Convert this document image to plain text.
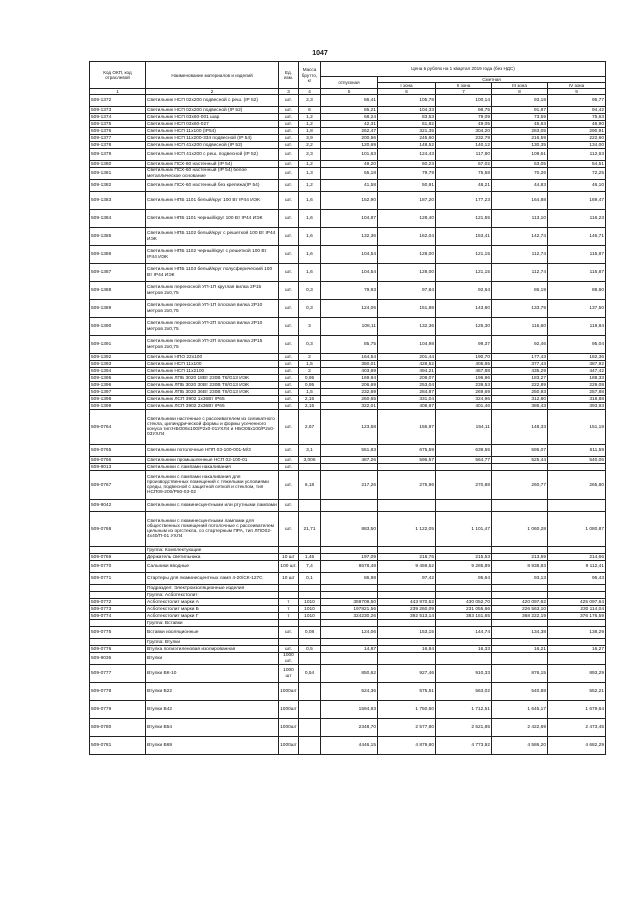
1047
Код ОКП, код отраслевой	Наименование материалов и изделий	Ед. изм.	Масса брутто, кг	Цена в рублях на 1 квартал 2019 года (без НДС)				
				отпускная	Сметная			
					I зона	II зона	III зона	IV зона
1	2	3	4	5	6	7	8	9
509-1372	Светильник НСП 02х200 подвесной с реш. (IP 52)	шт.	2,3	86,41	105,78	100,14	93,18	95,77
509-1373	Светильник НСП 02х200 подвесной (IP 52)	шт.	6	85,21	104,33	98,75	91,87	94,42
509-1374	Светильник НСП 03х60-001 шар	шт.	1,2	68,24	83,53	79,09	73,59	75,63
509-1375	Светильник НСП 03х60-027	шт.	1,2	42,31	51,82	49,05	45,63	46,90
509-1376	Светильник НСП 11х100 (IP54)	шт.	1,8	262,47	321,35	304,20	283,05	290,91
509-1377	Светильник НСП 11х200-334 подвесной (IP 54)	шт.	3,9	200,66	245,60	232,79	216,59	222,60
509-1378	Светильник НСП 41х200 подвесной (IP 52)	шт.	2,2	120,69	148,52	140,12	130,35	134,00
509-1379	Светильник НСП 41х200 с реш. подвесной (IP 52)	шт.	2,3	101,63	124,43	117,80	109,61	112,63
509-1380	Светильник ПСХ-60 настенный (IP 54)	шт.	1,2	49,20	60,23	57,02	53,05	54,51
509-1381	Светильник ПСХ-60 настенный (IP 54) белое металлическое основание	шт.	1,3	65,18	79,79	75,58	70,26	72,25
509-1382	Светильник ПСХ-60 настенный без крепежа(IP 54)	шт.	1,2	41,58	50,91	48,21	44,83	46,10
509-1383	Светильник НПБ 1101 белый/круг 100 Вт IP44 ИЭК	шт.	1,6	152,90	187,20	177,23	164,88	169,47
509-1384	Светильник НПБ 1101 черный/круг 100 Вт IP44 ИЭК	шт.	1,6	104,87	128,40	121,55	113,10	116,23
509-1385	Светильник НПБ 1102 белый/круг с решеткой 100 Вт IP44 ИЭК	шт.	1,6	132,36	162,04	153,41	142,74	146,71
509-1386	Светильник НПБ 1102 черный/круг с решеткой 100 Вт IP44 ИЭК	шт.	1,6	104,54	128,00	121,15	112,74	115,87
509-1387	Светильник НПБ 1103 белый/круг полусферический 100 Вт IP44 ИЭК	шт.	1,6	104,54	128,00	121,15	112,74	115,87
509-1388	Светильник переносной УП-1П круглая вилка 2Р15 метров 2х0,75	шт.	0,3	79,93	97,84	92,64	86,19	88,60
509-1389	Светильник переносной УП-1П плоская вилка 2Р10 метров 2х0,75	шт.	0,3	124,06	151,88	143,80	133,79	137,50
509-1390	Светильник переносной УП-2П плоская вилка 2Р10 метров 2х0,75	шт.	3	108,11	132,36	125,30	116,60	119,84
509-1391	Светильник переносной УП-2П плоская вилка 2Р15 метров 2х0,75	шт.	0,3	85,75	104,98	99,37	92,46	95,04
509-1392	Светильник НПО 22х100	шт.	2	164,54	201,44	190,70	177,43	182,36
509-1393	Светильник НСП 11х100	шт.	1,5	350,01	428,52	405,65	377,43	387,92
509-1394	Светильник НСП 11х2100	шт.	2	403,69	494,21	467,88	435,29	447,42
509-1395	Светильник ЛПБ 3020 18Вт 230В Т8/G13 ИЭК	шт.	0,95	169,94	208,07	196,96	183,27	188,33
509-1396	Светильник ЛПБ 3020 30Вт 230В Т8/G13 ИЭК	шт.	0,95	206,69	253,04	239,53	222,89	229,08
509-1397	Светильник ЛПБ 3020 36Вт 230В Т8/G13 ИЭК	шт.	1,5	232,69	284,87	269,69	250,93	257,88
509-1398	Светильник ЛСП 3902 1х36Вт IP65	шт.	2,15	260,65	331,04	324,96	312,80	318,88
509-1399	Светильник ЛСП 3902 2х36Вт IP65	шт.	2,15	322,01	408,97	401,46	386,43	393,93
509-0764	Светильники настенные с рассеивателем из силикатного стекла, цилиндрической формы и формы усеченного конуса тип:НБО06х100/Р2х0-01УХЛ4 и НБО06х100/Р2х0-03УХЛ4	шт.	2,67	123,58	156,97	154,11	148,33	151,19
509-0765	Светильники потолочные НПП 03-100-001-М/3	шт.	3,1	551,83	675,59	639,55	595,07	611,59
509-0766	Светильники промышленные НСП 02-100-01	шт.	3,006	487,26	596,57	564,77	525,44	540,05
509-9013	Светильники с лампами накаливания	шт.						
509-0767	Светильники с лампами накаливания для производственных помещений с тяжелыми условиями среды, подвесной с защитной сеткой и стеклом, тип НСП09-200/Р50-03-02	шт.	6,18	217,26	275,96	270,88	260,77	265,80
509-9042	Светильники с люминесцентными или ртутными лампами	шт.						
509-0768	Светильники с люминесцентными лампами для общественных помещений потолочные с рассеивателем цельным из оргстекла, со стартерным ПРА, тип ЛПО02-4х40/П-01 УХЛ4	шт.	21,71	883,50	1 122,05	1 101,47	1 060,28	1 080,87
	Группа: Комплектующие							
509-0769	Держатель светильника	10 шт	1,45	197,09	218,76	215,53	213,59	214,66
509-0770	Сальники вводные	100 шт.	7,4	8678,48	9 459,52	9 285,89	8 938,83	9 112,41
509-0771	Стартеры для люминесцентных ламп 4-20/СК-127С	10 шт	0,1	86,98	97,42	95,64	93,13	95,43
	Подраздел: Электроизоляционные изделия							
	Группа: Асботекстолит							
509-0772	Асботекстолит марки А	т	1010	359709,50	443 970,52	430 052,70	420 097,62	425 097,64
509-0773	Асботекстолит марки Б	т	1010	197821,56	239 260,09	231 055,66	226 563,10	230 114,04
509-0774	Асботекстолит марки Г	т	1010	324230,26	392 513,14	383 151,65	368 222,19	376 176,59
	Группа: Вставки							
509-0775	Вставки изоляционные	шт.	0,08	124,06	153,15	144,74	134,38	138,29
	Группа: Втулки							
509-0776	Втулка полиэтиленовая изолированная	шт.	0,5	14,87	16,84	16,33	16,21	16,27
509-9036	Втулки	1000 шт.						
509-0777	Втулки ВК-10	1000 шт	0,54	850,62	927,46	910,33	876,15	893,29
509-0778	Втулки В22	1000шт		524,36	575,51	563,02	540,88	552,21
509-0779	Втулки В42	1000шт		1594,93	1 750,50	1 712,51	1 645,17	1 679,64
509-0780	Втулки В54	1000шт		2348,70	2 577,80	2 521,85	2 422,69	2 473,45
509-0781	Втулки В69	1000шт		4446,15	4 879,80	4 773,92	4 586,20	4 682,29
